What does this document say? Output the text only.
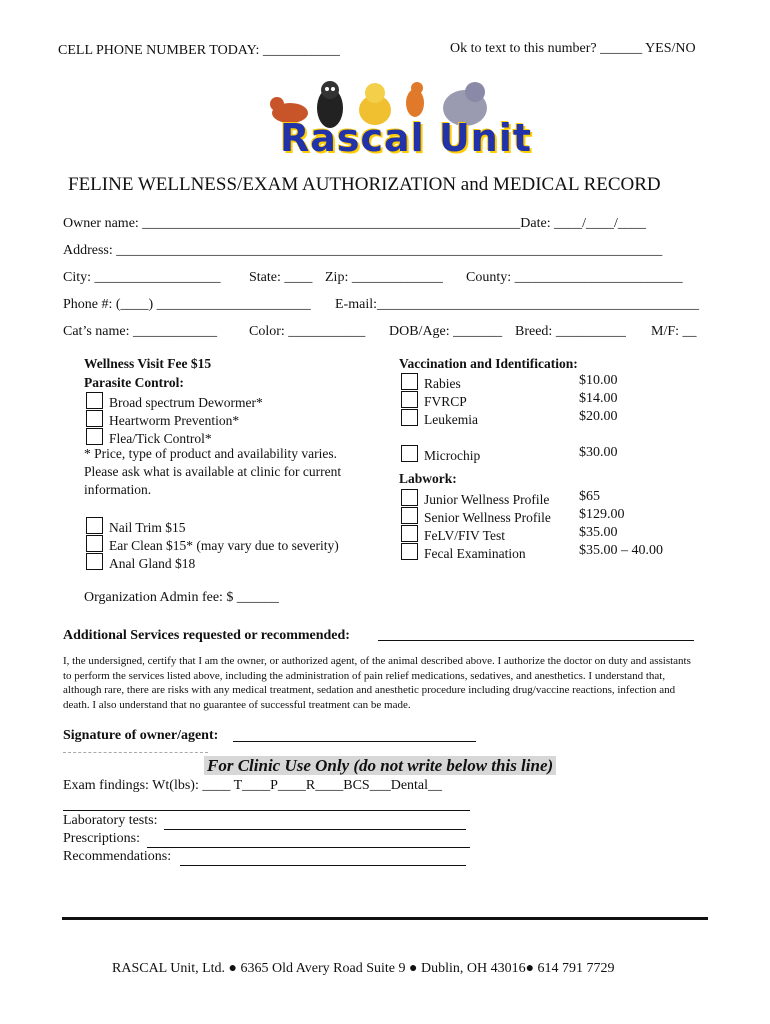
CELL PHONE NUMBER TODAY: ___________	Ok to text to this number? ______ YES/NO
Rascal Unit
FELINE WELLNESS/EXAM AUTHORIZATION and MEDICAL RECORD
Owner name: ______________________________________________________Date: ____/____/____
Address: ______________________________________________________________________________
City: __________________ State: ____ Zip: _____________ County: ________________________
Phone #: (____) ______________________ E-mail:______________________________________________
Cat’s name: ____________ Color: ___________ DOB/Age: _______ Breed: __________ M/F: __
Wellness Visit Fee $15
Parasite Control:
Broad spectrum Dewormer*
Heartworm Prevention*
Flea/Tick Control*
* Price, type of product and availability varies.
Please ask what is available at clinic for current
information.
Nail Trim $15
Ear Clean $15* (may vary due to severity)
Anal Gland $18
Vaccination and Identification:
Rabies	$10.00
FVRCP	$14.00
Leukemia	$20.00
Microchip	$30.00
Labwork:
Junior Wellness Profile $65
Senior Wellness Profile $129.00
FeLV/FIV Test	$35.00
Fecal Examination	$35.00 – 40.00
Organization Admin fee: $ ______
Additional Services requested or recommended:
I, the undersigned, certify that I am the owner, or authorized agent, of the animal described above. I authorize the doctor on duty and assistants to perform the services listed above, including the administration of pain relief medications, sedatives, and anesthetics. I understand that, although rare, there are risks with any medical treatment, sedation and anesthetic procedure including drug/vaccine reactions, infection and death. I also understand that no guarantee of successful treatment can be made.
Signature of owner/agent:
For Clinic Use Only (do not write below this line)
Exam findings: Wt(lbs): ____ T____P____R____BCS___Dental__
Laboratory tests:
Prescriptions:
Recommendations:
RASCAL Unit, Ltd. ● 6365 Old Avery Road Suite 9 ● Dublin, OH 43016● 614 791 7729
